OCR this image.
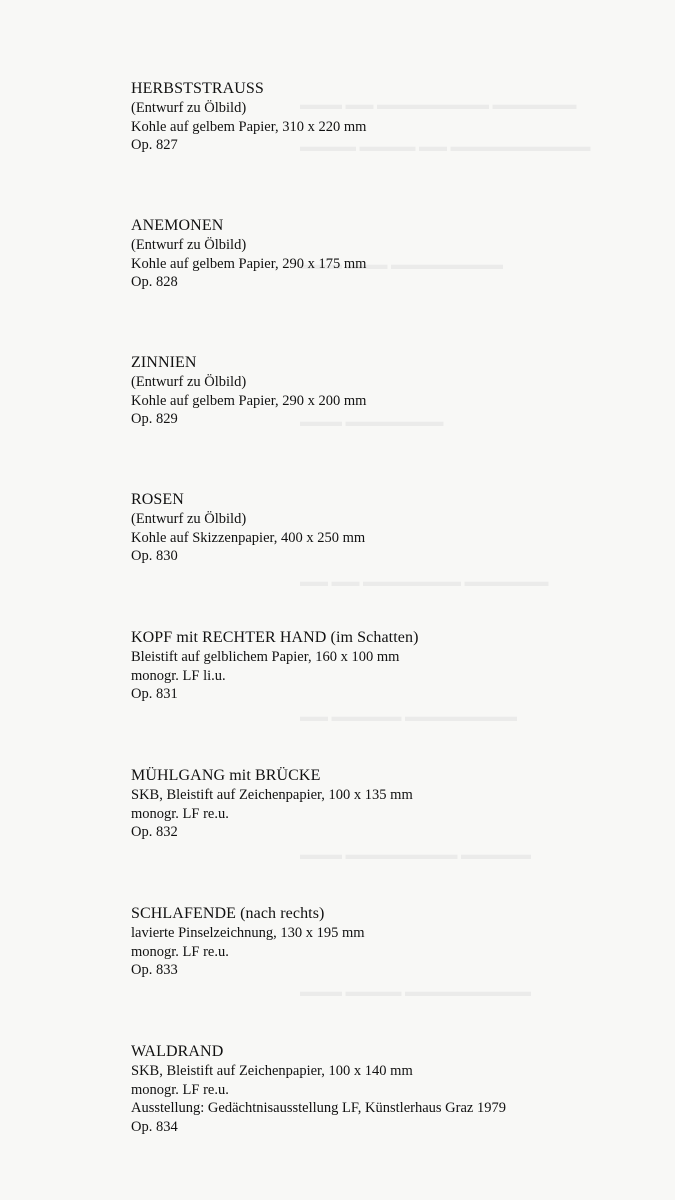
▬▬▬▬▬▬ ▬▬▬▬▬▬▬▬ ▬▬ ▬▬▬
▬▬▬▬▬▬▬▬▬▬ ▬▬ ▬▬▬▬ ▬▬▬▬
▬▬▬▬▬▬▬▬ ▬▬▬ ▬▬▬
▬▬▬▬▬▬▬ ▬▬▬
▬▬▬▬▬▬ ▬▬▬▬▬▬▬ ▬▬ ▬▬
▬▬▬▬▬▬▬▬ ▬▬▬▬▬ ▬▬
▬▬▬▬▬ ▬▬▬▬▬▬▬▬ ▬▬▬
▬▬▬▬▬▬▬▬▬ ▬▬▬▬ ▬▬▬
HERBSTSTRAUSS
(Entwurf zu Ölbild)
Kohle auf gelbem Papier, 310 x 220 mm
Op. 827
ANEMONEN
(Entwurf zu Ölbild)
Kohle auf gelbem Papier, 290 x 175 mm
Op. 828
ZINNIEN
(Entwurf zu Ölbild)
Kohle auf gelbem Papier, 290 x 200 mm
Op. 829
ROSEN
(Entwurf zu Ölbild)
Kohle auf Skizzenpapier, 400 x 250 mm
Op. 830
KOPF mit RECHTER HAND (im Schatten)
Bleistift auf gelblichem Papier, 160 x 100 mm
monogr. LF li.u.
Op. 831
MÜHLGANG mit BRÜCKE
SKB, Bleistift auf Zeichenpapier, 100 x 135 mm
monogr. LF re.u.
Op. 832
SCHLAFENDE (nach rechts)
lavierte Pinselzeichnung, 130 x 195 mm
monogr. LF re.u.
Op. 833
WALDRAND
SKB, Bleistift auf Zeichenpapier, 100 x 140 mm
monogr. LF re.u.
Ausstellung: Gedächtnisausstellung LF, Künstlerhaus Graz 1979
Op. 834
